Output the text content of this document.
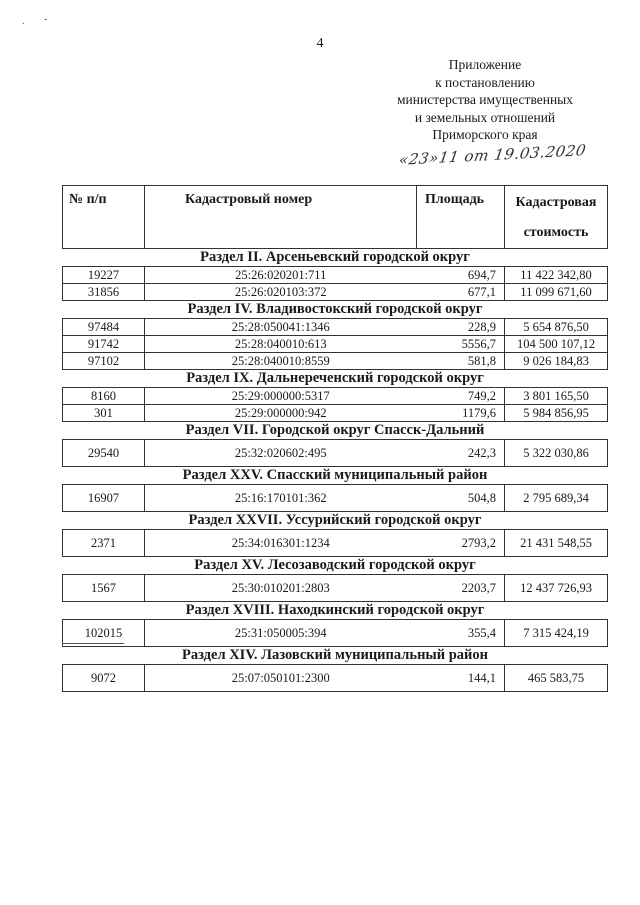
. -
4
Приложение
к постановлению
министерства имущественных
и земельных отношений
Приморского края
«23»11 от 19.03.2020
№ п/п	Кадастровый номер	Площадь	Кадастровая стоимость
Раздел II. Арсеньевский городской округ			
19227	25:26:020201:711	694,7	11 422 342,80
31856	25:26:020103:372	677,1	11 099 671,60
Раздел IV. Владивостокский городской округ			
97484	25:28:050041:1346	228,9	5 654 876,50
91742	25:28:040010:613	5556,7	104 500 107,12
97102	25:28:040010:8559	581,8	9 026 184,83
Раздел IX. Дальнереченский городской округ			
8160	25:29:000000:5317	749,2	3 801 165,50
301	25:29:000000:942	1179,6	5 984 856,95
Раздел VII. Городской округ Спасск-Дальний			
29540	25:32:020602:495	242,3	5 322 030,86
Раздел XXV. Спасский муниципальный район			
16907	25:16:170101:362	504,8	2 795 689,34
Раздел XXVII. Уссурийский городской округ			
2371	25:34:016301:1234	2793,2	21 431 548,55
Раздел XV. Лесозаводский городской округ			
1567	25:30:010201:2803	2203,7	12 437 726,93
Раздел XVIII. Находкинский городской округ			
102015	25:31:050005:394	355,4	7 315 424,19
Раздел XIV. Лазовский муниципальный район			
9072	25:07:050101:2300	144,1	465 583,75
